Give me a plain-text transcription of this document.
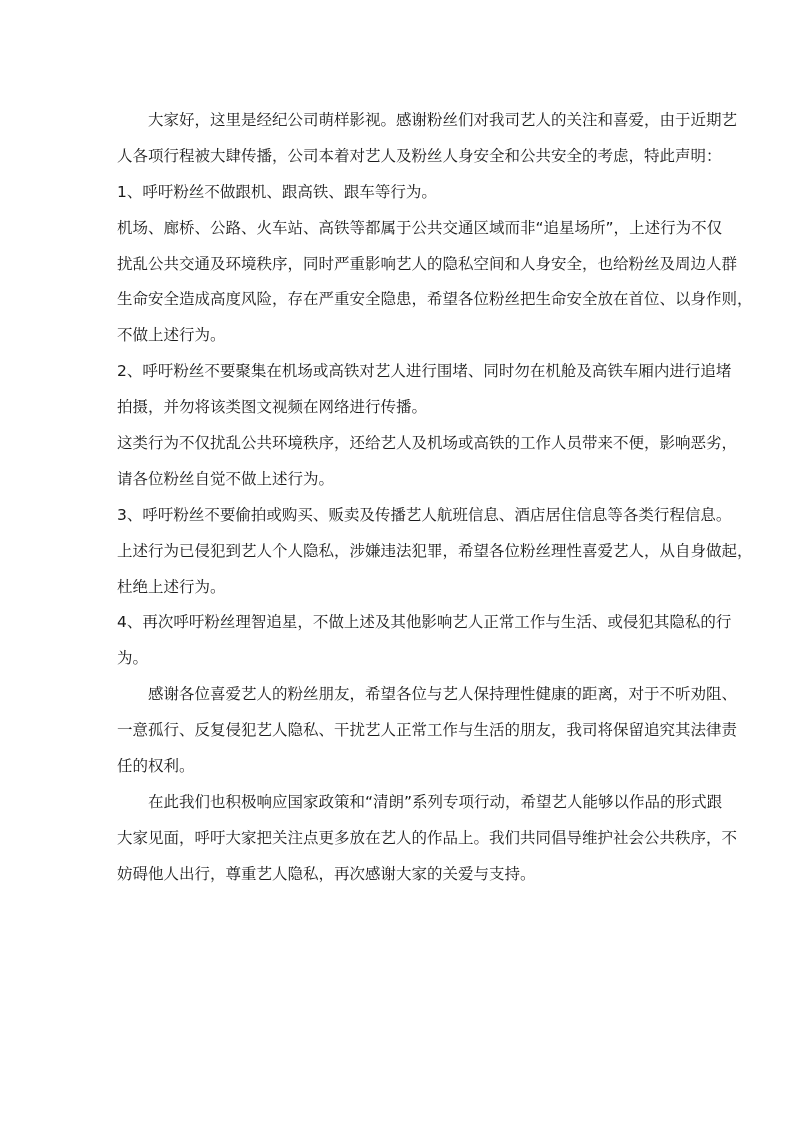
大家好，这里是经纪公司萌样影视。感谢粉丝们对我司艺人的关注和喜爱，由于近期艺

人各项行程被大肆传播，公司本着对艺人及粉丝人身安全和公共安全的考虑，特此声明：

1、呼吁粉丝不做跟机、跟高铁、跟车等行为。

机场、廊桥、公路、火车站、高铁等都属于公共交通区域而非“追星场所”，上述行为不仅

扰乱公共交通及环境秩序，同时严重影响艺人的隐私空间和人身安全，也给粉丝及周边人群

生命安全造成高度风险，存在严重安全隐患，希望各位粉丝把生命安全放在首位、以身作则，

不做上述行为。

2、呼吁粉丝不要聚集在机场或高铁对艺人进行围堵、同时勿在机舱及高铁车厢内进行追堵

拍摄，并勿将该类图文视频在网络进行传播。

这类行为不仅扰乱公共环境秩序，还给艺人及机场或高铁的工作人员带来不便，影响恶劣，

请各位粉丝自觉不做上述行为。

3、呼吁粉丝不要偷拍或购买、贩卖及传播艺人航班信息、酒店居住信息等各类行程信息。

上述行为已侵犯到艺人个人隐私，涉嫌违法犯罪，希望各位粉丝理性喜爱艺人，从自身做起，

杜绝上述行为。

4、再次呼吁粉丝理智追星，不做上述及其他影响艺人正常工作与生活、或侵犯其隐私的行

为。

感谢各位喜爱艺人的粉丝朋友，希望各位与艺人保持理性健康的距离，对于不听劝阻、

一意孤行、反复侵犯艺人隐私、干扰艺人正常工作与生活的朋友，我司将保留追究其法律责

任的权利。

在此我们也积极响应国家政策和“清朗”系列专项行动，希望艺人能够以作品的形式跟

大家见面，呼吁大家把关注点更多放在艺人的作品上。我们共同倡导维护社会公共秩序，不

妨碍他人出行，尊重艺人隐私，再次感谢大家的关爱与支持。
